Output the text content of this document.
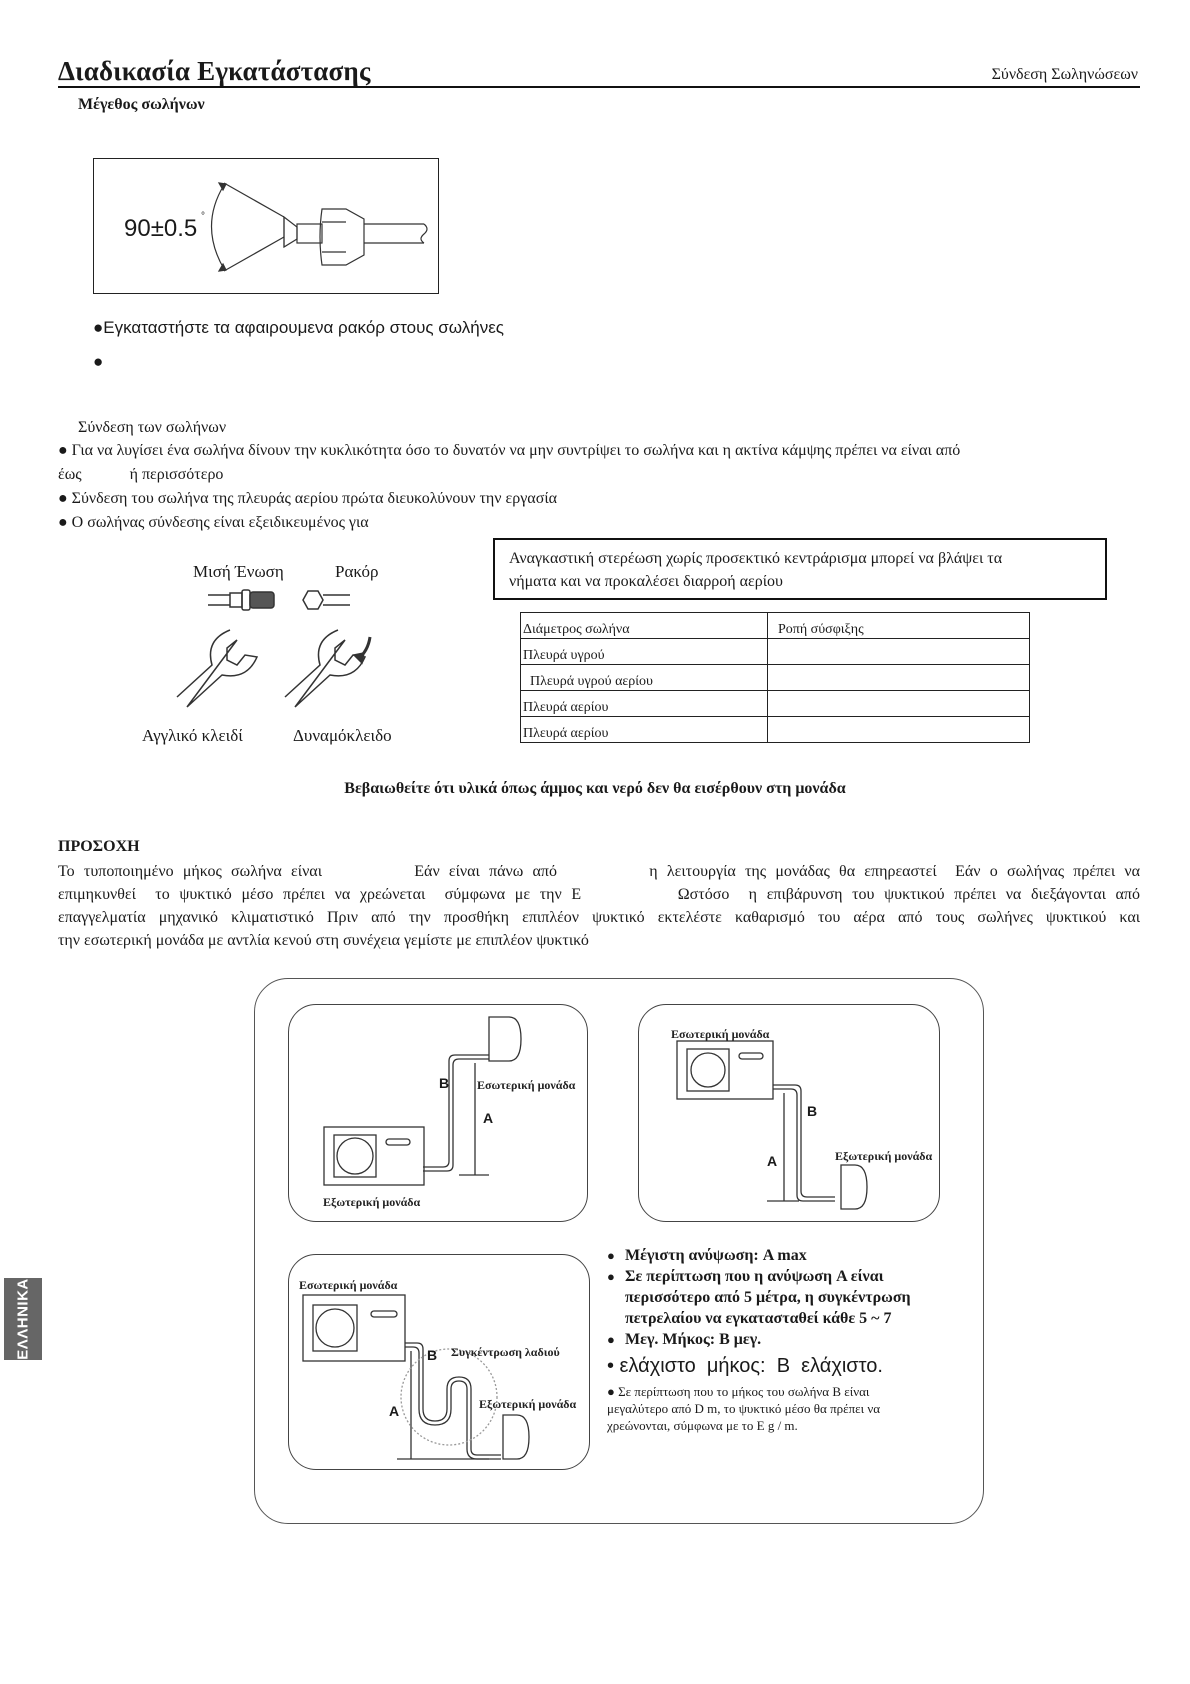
Διαδικασία Εγκατάστασης	Σύνδεση Σωληνώσεων
Μέγεθος σωλήνων
90±0.5 °
●Εγκαταστήστε τα αφαιρουμενα ρακόρ στους σωλήνες
●
Σύνδεση των σωλήνων
● Για να λυγίσει ένα σωλήνα δίνουν την κυκλικότητα όσο το δυνατόν να μην συντρίψει το σωλήνα και η ακτίνα κάμψης πρέπει να είναι από
έως            ή περισσότερο
● Σύνδεση του σωλήνα της πλευράς αερίου πρώτα διευκολύνουν την εργασία
● Ο σωλήνας σύνδεσης είναι εξειδικευμένος για
Μισή Ένωση	Ρακόρ
Αγγλικό κλειδί	Δυναμόκλειδο
Αναγκαστική στερέωση χωρίς προσεκτικό κεντράρισμα μπορεί να βλάψει τα
νήματα και να προκαλέσει διαρροή αερίου
Διάμετρος σωλήνα	Ροπή σύσφιξης
Πλευρά υγρού	
Πλευρά υγρού αερίου	
Πλευρά αερίου	
Πλευρά αερίου	
Βεβαιωθείτε ότι υλικά όπως άμμος και νερό δεν θα εισέρθουν στη μονάδα
ΠΡΟΣΟΧΗ
Το τυποποιημένο μήκος σωλήνα είναι          Εάν είναι πάνω από          η λειτουργία της μονάδας θα επηρεαστεί  Εάν ο σωλήνας πρέπει να
επιμηκυνθεί  το ψυκτικό μέσο πρέπει να χρεώνεται  σύμφωνα με την Ε          Ωστόσο  η επιβάρυνση του ψυκτικού πρέπει να διεξάγονται από
επαγγελματία μηχανικό κλιματιστικό Πριν από την προσθήκη επιπλέον ψυκτικό εκτελέστε καθαρισμό του αέρα από τους σωλήνες ψυκτικού και
την εσωτερική μονάδα με αντλία κενού στη συνέχεια γεμίστε με επιπλέον ψυκτικό
B
A
Εσωτερική μονάδα
Εξωτερική μονάδα
Εσωτερική μονάδα
B
A	Εξωτερική μονάδα
Εσωτερική μονάδα
Συγκέντρωση λαδιού
B
A	Εξωτερική μονάδα
● Μέγιστη ανύψωση: A max
● Σε περίπτωση που η ανύψωση A είναι περισσότερο από 5 μέτρα, η συγκέντρωση πετρελαίου να εγκατασταθεί κάθε 5 ~ 7
● Μεγ. Μήκος: B μεγ.
• ελάχιστο  μήκος:  B  ελάχιστο.
● Σε περίπτωση που το μήκος του σωλήνα B είναι μεγαλύτερο από D m, το ψυκτικό μέσο θα πρέπει να χρεώνονται, σύμφωνα με το E g / m.
ΕΛΛΗΝΙΚΑ
